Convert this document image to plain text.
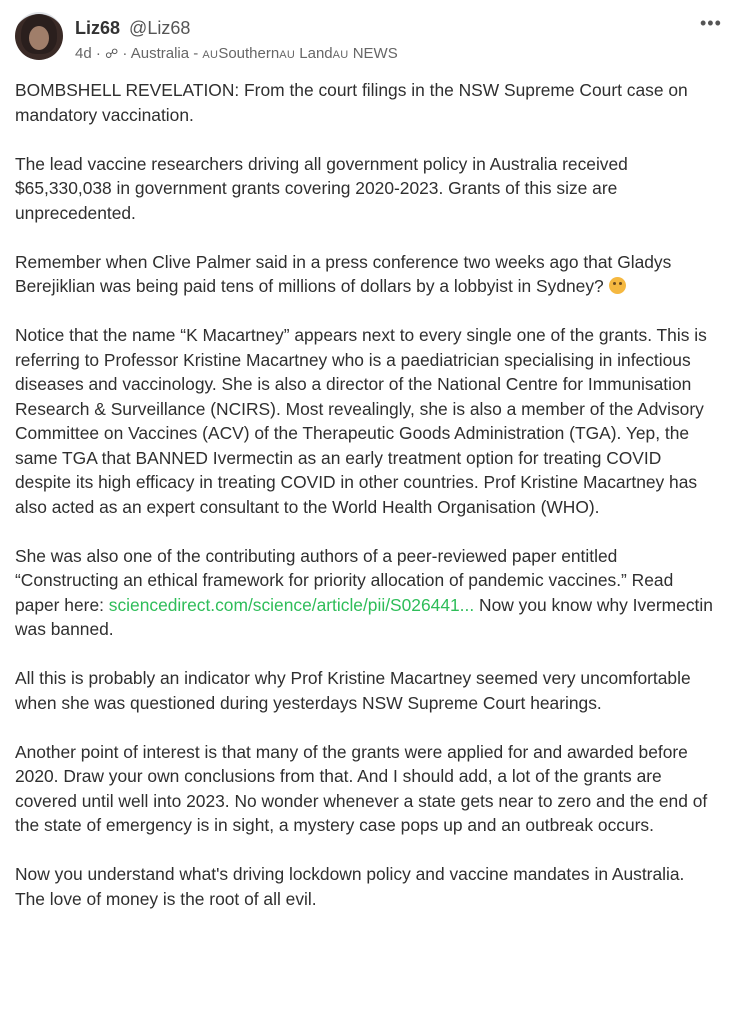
Liz68 @Liz68
4d · ☍ · Australia - AUSouthernAU LandAU NEWS
•••

BOMBSHELL REVELATION: From the court filings in the NSW Supreme Court case on mandatory vaccination.

The lead vaccine researchers driving all government policy in Australia received $65,330,038 in government grants covering 2020-2023. Grants of this size are unprecedented.

Remember when Clive Palmer said in a press conference two weeks ago that Gladys Berejiklian was being paid tens of millions of dollars by a lobbyist in Sydney?

Notice that the name “K Macartney” appears next to every single one of the grants. This is referring to Professor Kristine Macartney who is a paediatrician specialising in infectious diseases and vaccinology. She is also a director of the National Centre for Immunisation Research & Surveillance (NCIRS). Most revealingly, she is also a member of the Advisory Committee on Vaccines (ACV) of the Therapeutic Goods Administration (TGA). Yep, the same TGA that BANNED Ivermectin as an early treatment option for treating COVID despite its high efficacy in treating COVID in other countries. Prof Kristine Macartney has also acted as an expert consultant to the World Health Organisation (WHO).

She was also one of the contributing authors of a peer-reviewed paper entitled “Constructing an ethical framework for priority allocation of pandemic vaccines.” Read paper here: sciencedirect.com/science/article/pii/S026441... Now you know why Ivermectin was banned.

All this is probably an indicator why Prof Kristine Macartney seemed very uncomfortable when she was questioned during yesterdays NSW Supreme Court hearings.

Another point of interest is that many of the grants were applied for and awarded before 2020. Draw your own conclusions from that. And I should add, a lot of the grants are covered until well into 2023. No wonder whenever a state gets near to zero and the end of the state of emergency is in sight, a mystery case pops up and an outbreak occurs.

Now you understand what's driving lockdown policy and vaccine mandates in Australia. The love of money is the root of all evil.
